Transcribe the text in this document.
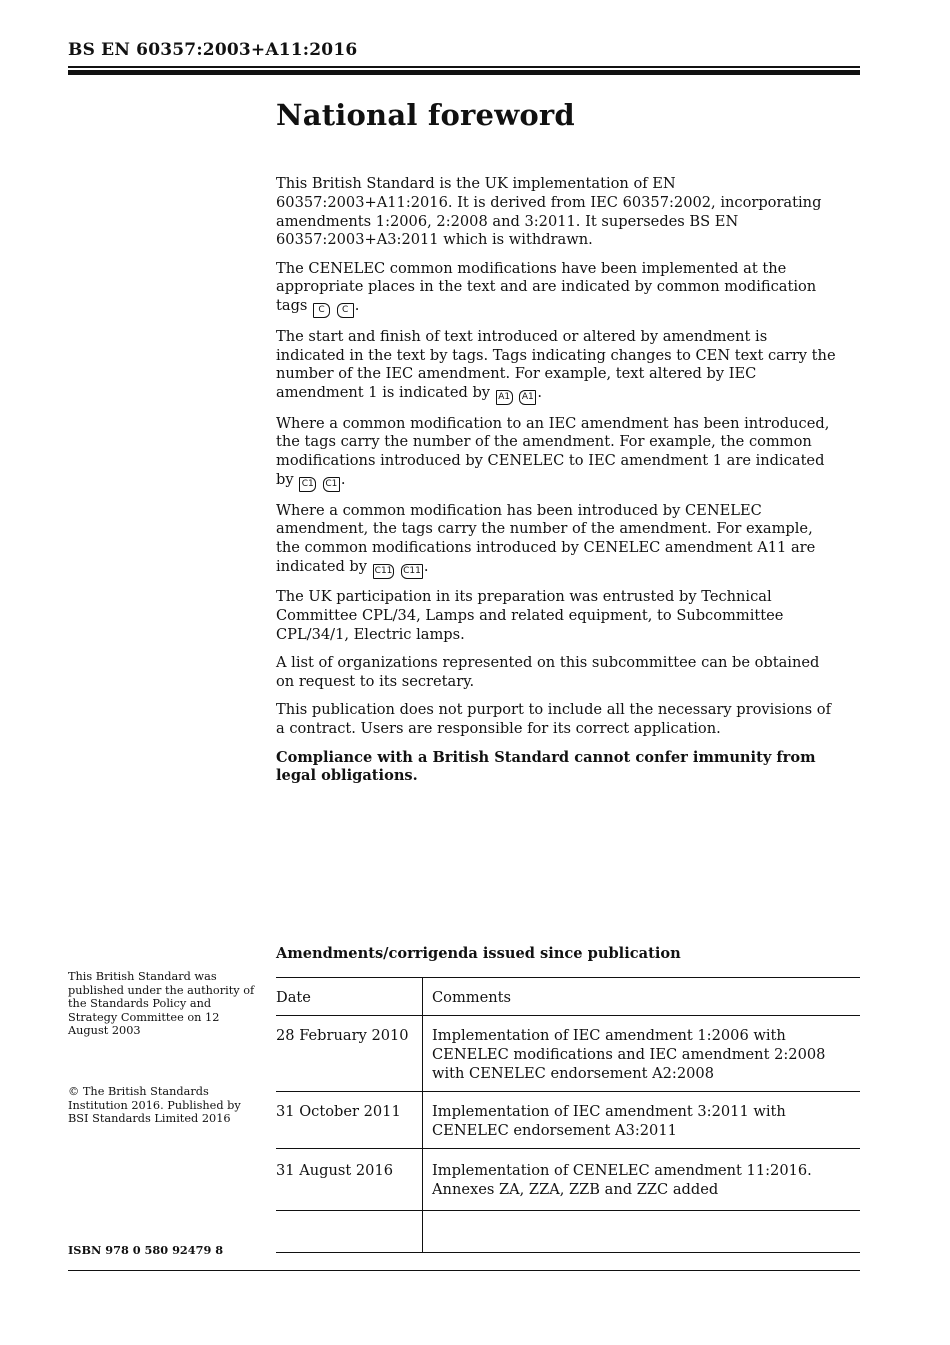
BS EN 60357:2003+A11:2016
National foreword

This British Standard is the UK implementation of EN 60357:2003+A11:2016. It is derived from IEC 60357:2002, incorporating amendments 1:2006, 2:2008 and 3:2011. It supersedes BS EN 60357:2003+A3:2011 which is withdrawn.

The CENELEC common modifications have been implemented at the appropriate places in the text and are indicated by common modification tags C C .

The start and finish of text introduced or altered by amendment is indicated in the text by tags. Tags indicating changes to CEN text carry the number of the IEC amendment. For example, text altered by IEC amendment 1 is indicated by A1 A1 .

Where a common modification to an IEC amendment has been introduced, the tags carry the number of the amendment. For example, the common modifications introduced by CENELEC to IEC amendment 1 are indicated by C1 C1 .

Where a common modification has been introduced by CENELEC amendment, the tags carry the number of the amendment. For example, the common modifications introduced by CENELEC amendment A11 are indicated by C11 C11 .

The UK participation in its preparation was entrusted by Technical Committee CPL/34, Lamps and related equipment, to Subcommittee CPL/34/1, Electric lamps.

A list of organizations represented on this subcommittee can be obtained on request to its secretary.

This publication does not purport to include all the necessary provisions of a contract. Users are responsible for its correct application.

Compliance with a British Standard cannot confer immunity from legal obligations.

This British Standard was published under the authority of the Standards Policy and Strategy Committee on 12 August 2003
© The British Standards Institution 2016. Published by BSI Standards Limited 2016
ISBN 978 0 580 92479 8
Amendments/corrigenda issued since publication
Date	Comments
28 February 2010	Implementation of IEC amendment 1:2006 with CENELEC modifications and IEC amendment 2:2008 with CENELEC endorsement A2:2008
31 October 2011	Implementation of IEC amendment 3:2011 with CENELEC endorsement A3:2011
31 August 2016	Implementation of CENELEC amendment 11:2016. Annexes ZA, ZZA, ZZB and ZZC added
